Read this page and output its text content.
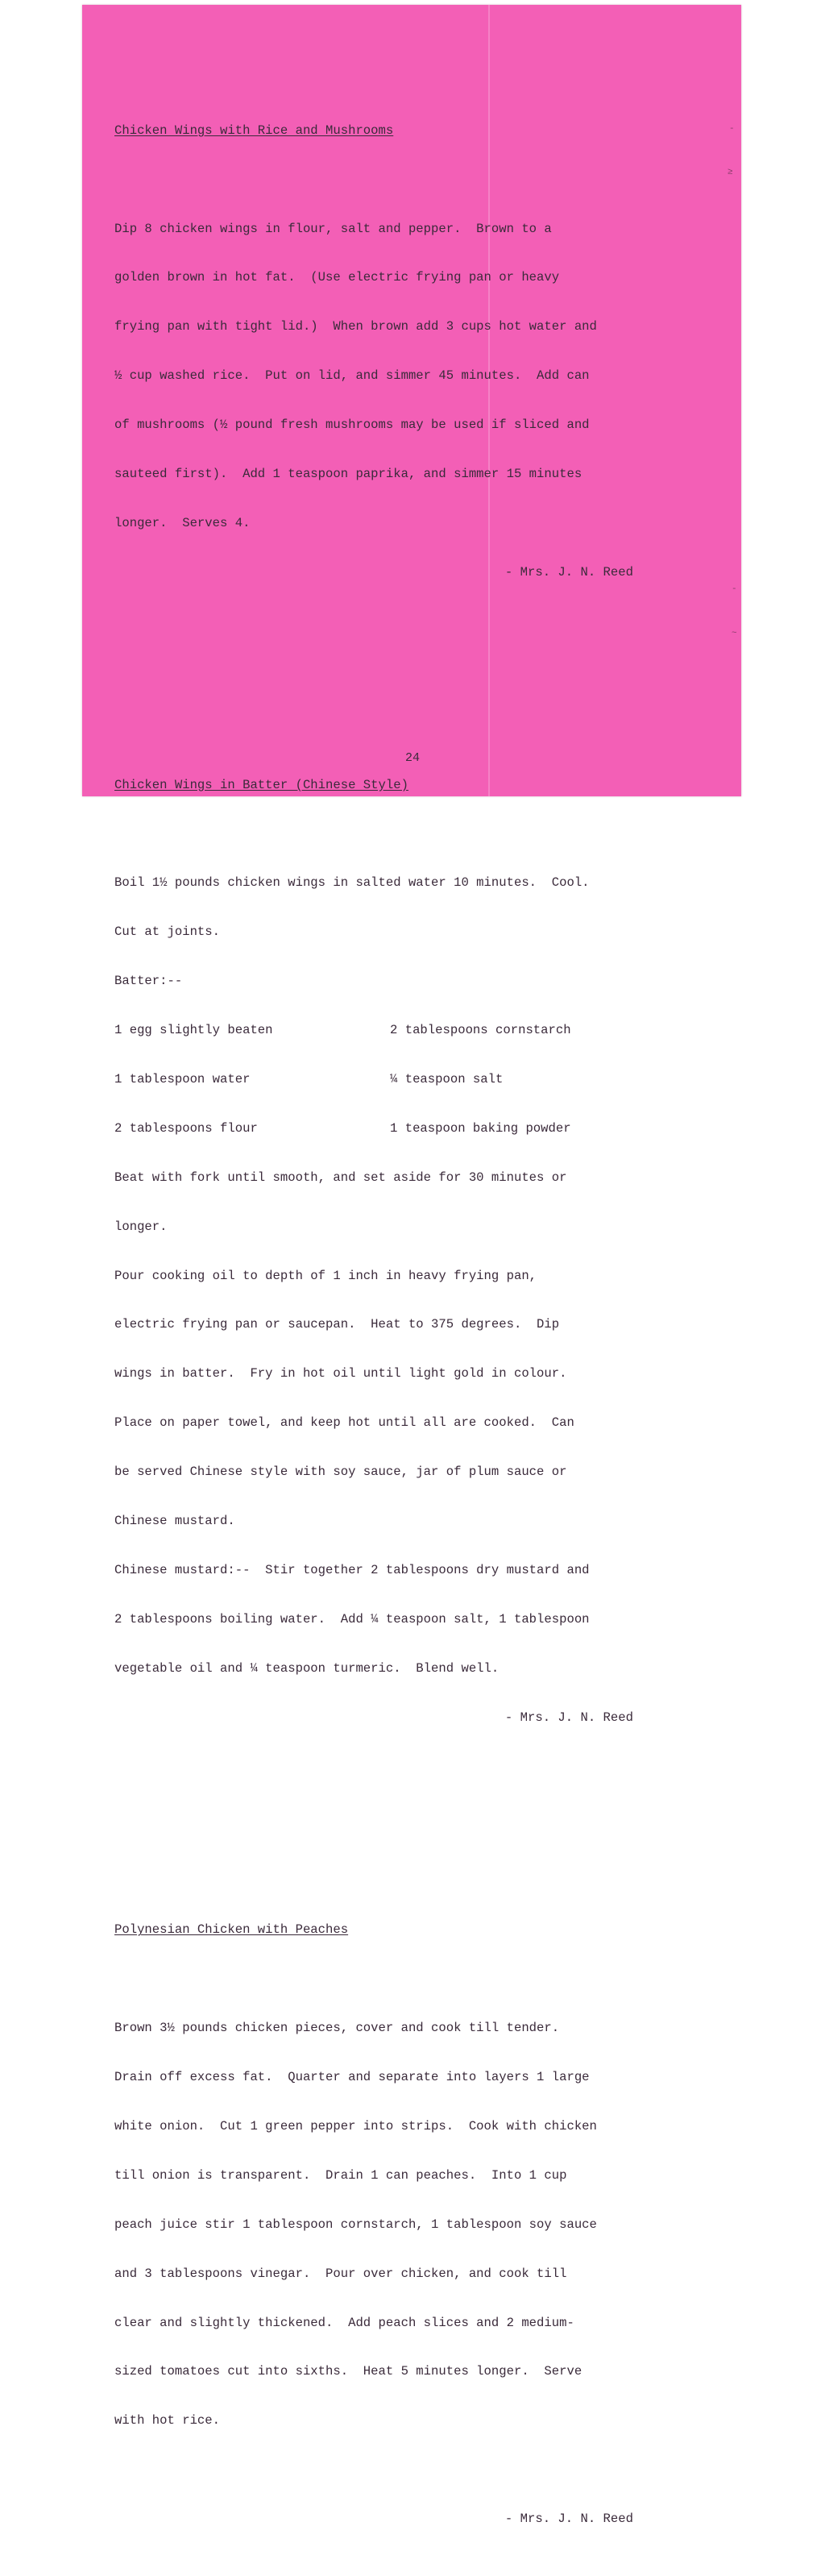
‐
≥
-
~

Chicken Wings with Rice and Mushrooms

Dip 8 chicken wings in flour, salt and pepper.  Brown to a

golden brown in hot fat.  (Use electric frying pan or heavy

frying pan with tight lid.)  When brown add 3 cups hot water and

½ cup washed rice.  Put on lid, and simmer 45 minutes.  Add can

of mushrooms (½ pound fresh mushrooms may be used if sliced and

sauteed first).  Add 1 teaspoon paprika, and simmer 15 minutes

longer.  Serves 4.

- Mrs. J. N. Reed

Chicken Wings in Batter (Chinese Style)

Boil 1½ pounds chicken wings in salted water 10 minutes.  Cool.

Cut at joints.

Batter:--

1 egg slightly beaten	2 tablespoons cornstarch

1 tablespoon water	¼ teaspoon salt

2 tablespoons flour	1 teaspoon baking powder

Beat with fork until smooth, and set aside for 30 minutes or

longer.

Pour cooking oil to depth of 1 inch in heavy frying pan,

electric frying pan or saucepan.  Heat to 375 degrees.  Dip

wings in batter.  Fry in hot oil until light gold in colour.

Place on paper towel, and keep hot until all are cooked.  Can

be served Chinese style with soy sauce, jar of plum sauce or

Chinese mustard.

Chinese mustard:--  Stir together 2 tablespoons dry mustard and

2 tablespoons boiling water.  Add ¼ teaspoon salt, 1 tablespoon

vegetable oil and ¼ teaspoon turmeric.  Blend well.

- Mrs. J. N. Reed

Polynesian Chicken with Peaches

Brown 3½ pounds chicken pieces, cover and cook till tender.

Drain off excess fat.  Quarter and separate into layers 1 large

white onion.  Cut 1 green pepper into strips.  Cook with chicken

till onion is transparent.  Drain 1 can peaches.  Into 1 cup

peach juice stir 1 tablespoon cornstarch, 1 tablespoon soy sauce

and 3 tablespoons vinegar.  Pour over chicken, and cook till

clear and slightly thickened.  Add peach slices and 2 medium-

sized tomatoes cut into sixths.  Heat 5 minutes longer.  Serve

with hot rice.

- Mrs. J. N. Reed

24
